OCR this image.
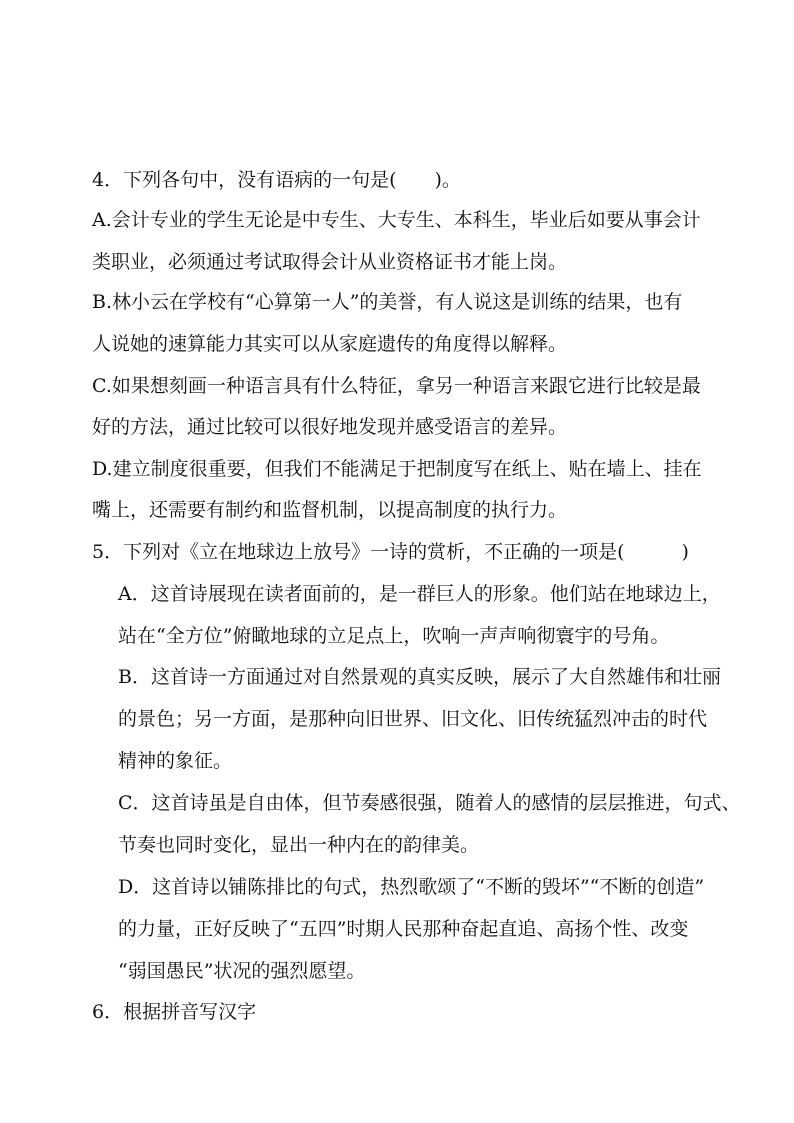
4．下列各句中，没有语病的一句是(　　)。
A.会计专业的学生无论是中专生、大专生、本科生，毕业后如要从事会计
类职业，必须通过考试取得会计从业资格证书才能上岗。
B.林小云在学校有“心算第一人”的美誉，有人说这是训练的结果，也有
人说她的速算能力其实可以从家庭遗传的角度得以解释。
C.如果想刻画一种语言具有什么特征，拿另一种语言来跟它进行比较是最
好的方法，通过比较可以很好地发现并感受语言的差异。
D.建立制度很重要，但我们不能满足于把制度写在纸上、贴在墙上、挂在
嘴上，还需要有制约和监督机制，以提高制度的执行力。
5．下列对《立在地球边上放号》一诗的赏析，不正确的一项是(　　　)
A．这首诗展现在读者面前的，是一群巨人的形象。他们站在地球边上，
站在“全方位”俯瞰地球的立足点上，吹响一声声响彻寰宇的号角。
B．这首诗一方面通过对自然景观的真实反映，展示了大自然雄伟和壮丽
的景色；另一方面，是那种向旧世界、旧文化、旧传统猛烈冲击的时代
精神的象征。
C．这首诗虽是自由体，但节奏感很强，随着人的感情的层层推进，句式、
节奏也同时变化，显出一种内在的韵律美。
D．这首诗以铺陈排比的句式，热烈歌颂了“不断的毁坏”“不断的创造”
的力量，正好反映了“五四”时期人民那种奋起直追、高扬个性、改变
“弱国愚民”状况的强烈愿望。
6．根据拼音写汉字
